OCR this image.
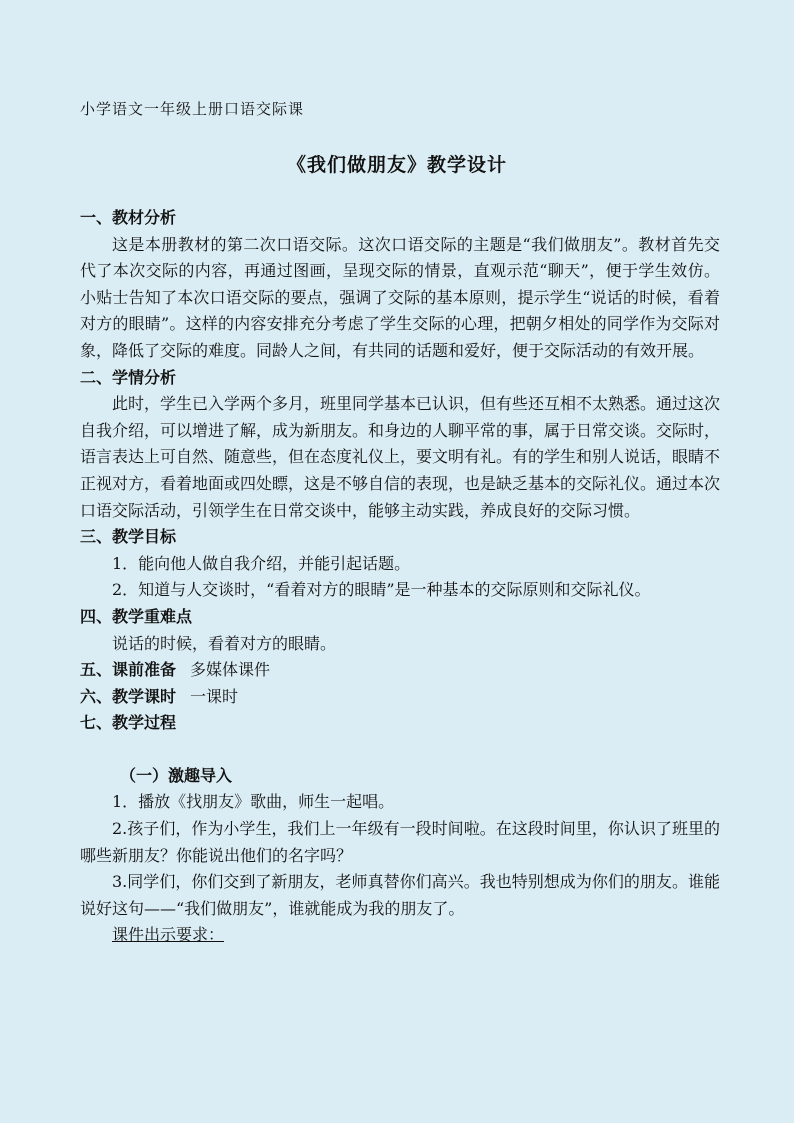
小学语文一年级上册口语交际课
《我们做朋友》教学设计
一、教材分析

这是本册教材的第二次口语交际。这次口语交际的主题是“我们做朋友”。教材首先交代了本次交际的内容，再通过图画，呈现交际的情景，直观示范“聊天”，便于学生效仿。小贴士告知了本次口语交际的要点，强调了交际的基本原则，提示学生“说话的时候，看着对方的眼睛”。这样的内容安排充分考虑了学生交际的心理，把朝夕相处的同学作为交际对象，降低了交际的难度。同龄人之间，有共同的话题和爱好，便于交际活动的有效开展。

二、学情分析

此时，学生已入学两个多月，班里同学基本已认识，但有些还互相不太熟悉。通过这次自我介绍，可以增进了解，成为新朋友。和身边的人聊平常的事，属于日常交谈。交际时，语言表达上可自然、随意些，但在态度礼仪上，要文明有礼。有的学生和别人说话，眼睛不正视对方，看着地面或四处瞟，这是不够自信的表现，也是缺乏基本的交际礼仪。通过本次口语交际活动，引领学生在日常交谈中，能够主动实践，养成良好的交际习惯。

三、教学目标

1．能向他人做自我介绍，并能引起话题。

2．知道与人交谈时，“看着对方的眼睛”是一种基本的交际原则和交际礼仪。

四、教学重难点

说话的时候，看着对方的眼睛。

五、课前准备 多媒体课件

六、教学课时 一课时

七、教学过程
（一）激趣导入

1．播放《找朋友》歌曲，师生一起唱。

2.孩子们，作为小学生，我们上一年级有一段时间啦。在这段时间里，你认识了班里的哪些新朋友？你能说出他们的名字吗？

3.同学们，你们交到了新朋友，老师真替你们高兴。我也特别想成为你们的朋友。谁能说好这句——“我们做朋友”，谁就能成为我的朋友了。

课件出示要求：
